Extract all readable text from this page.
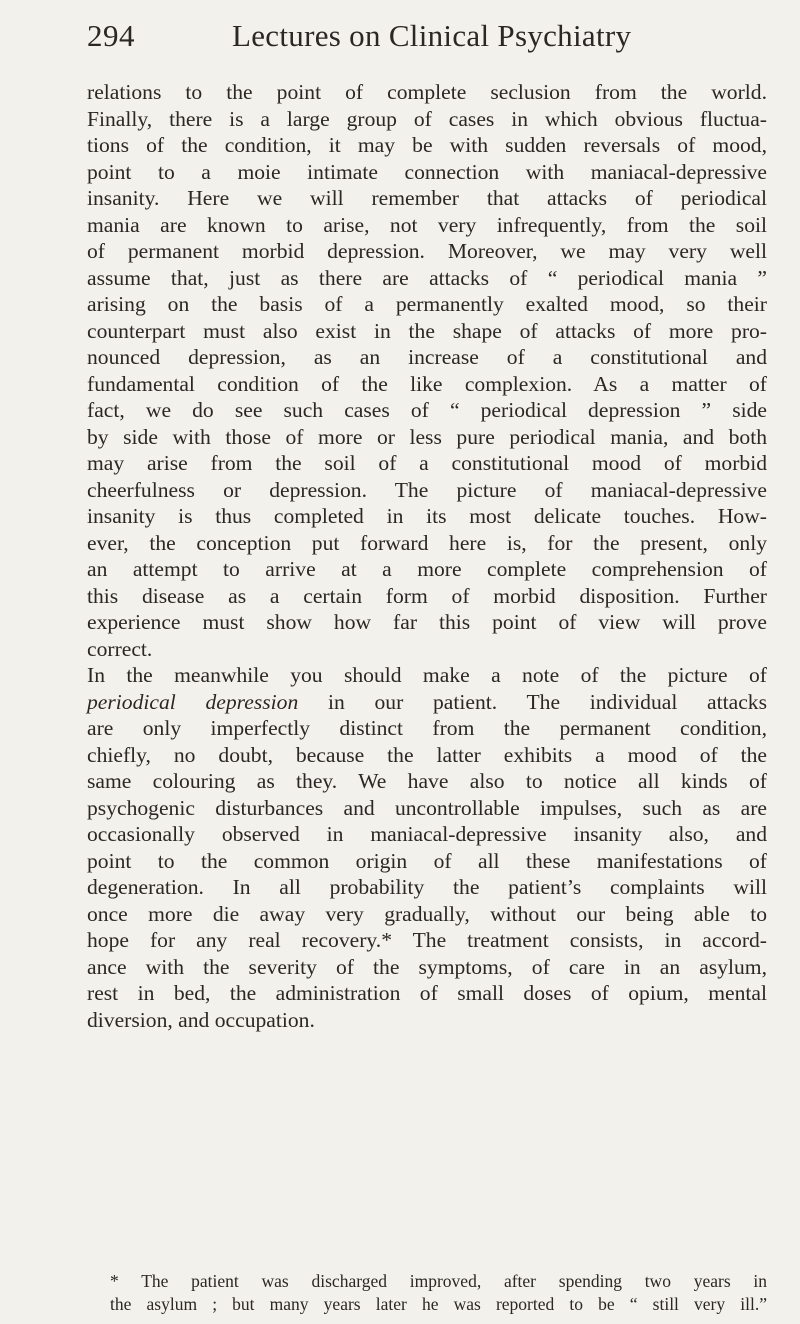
294	Lectures on Clinical Psychiatry
relations to the point of complete seclusion from the world.
Finally, there is a large group of cases in which obvious fluctua-
tions of the condition, it may be with sudden reversals of mood,
point to a moie intimate connection with maniacal-depressive
insanity. Here we will remember that attacks of periodical
mania are known to arise, not very infrequently, from the soil
of permanent morbid depression. Moreover, we may very well
assume that, just as there are attacks of “ periodical mania ”
arising on the basis of a permanently exalted mood, so their
counterpart must also exist in the shape of attacks of more pro-
nounced depression, as an increase of a constitutional and
fundamental condition of the like complexion. As a matter of
fact, we do see such cases of “ periodical depression ” side
by side with those of more or less pure periodical mania, and both
may arise from the soil of a constitutional mood of morbid
cheerfulness or depression. The picture of maniacal-depressive
insanity is thus completed in its most delicate touches. How-
ever, the conception put forward here is, for the present, only
an attempt to arrive at a more complete comprehension of
this disease as a certain form of morbid disposition. Further
experience must show how far this point of view will prove
correct.
In the meanwhile you should make a note of the picture of
periodical depression in our patient. The individual attacks
are only imperfectly distinct from the permanent condition,
chiefly, no doubt, because the latter exhibits a mood of the
same colouring as they. We have also to notice all kinds of
psychogenic disturbances and uncontrollable impulses, such as are
occasionally observed in maniacal-depressive insanity also, and
point to the common origin of all these manifestations of
degeneration. In all probability the patient’s complaints will
once more die away very gradually, without our being able to
hope for any real recovery.* The treatment consists, in accord-
ance with the severity of the symptoms, of care in an asylum,
rest in bed, the administration of small doses of opium, mental
diversion, and occupation.
* The patient was discharged improved, after spending two years in
the asylum ; but many years later he was reported to be “ still very ill.”
